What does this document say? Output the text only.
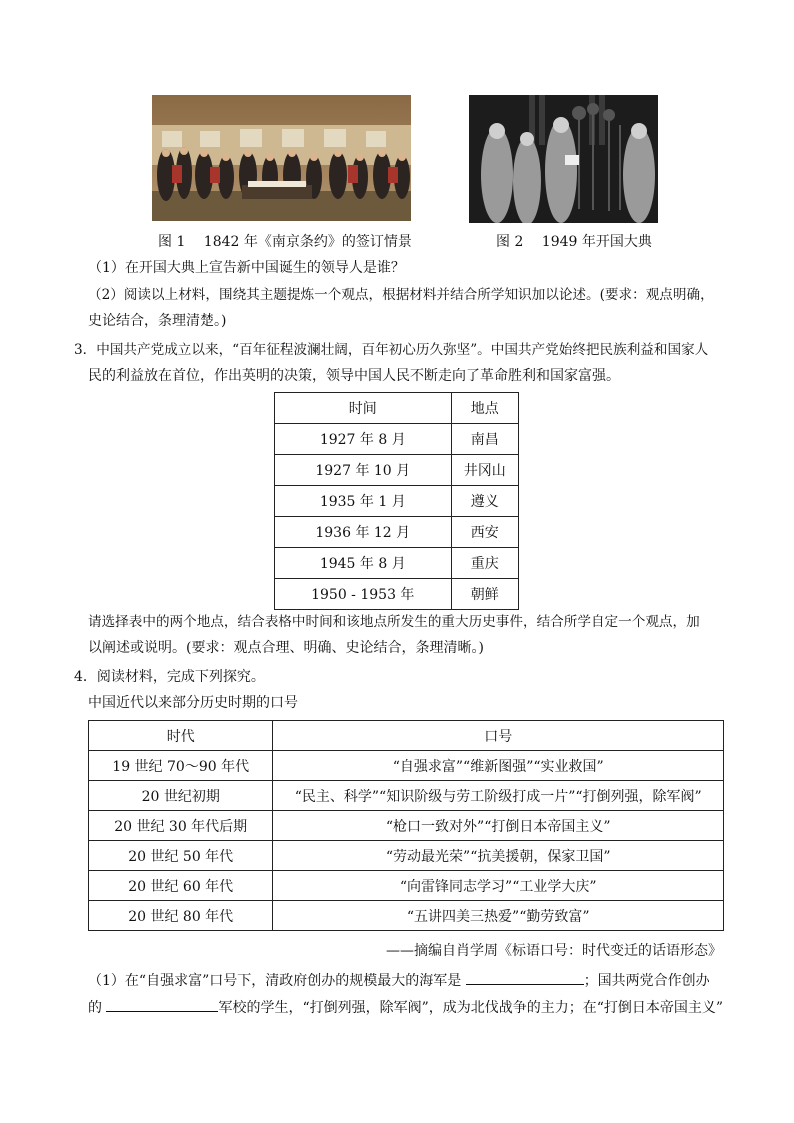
图 1　 1842 年《南京条约》的签订情景	图 2　 1949 年开国大典
（1）在开国大典上宣告新中国诞生的领导人是谁？
（2）阅读以上材料，围绕其主题提炼一个观点，根据材料并结合所学知识加以论述。(要求：观点明确，
史论结合，条理清楚。)
3．中国共产党成立以来，“百年征程波澜壮阔，百年初心历久弥坚”。中国共产党始终把民族利益和国家人
民的利益放在首位，作出英明的决策，领导中国人民不断走向了革命胜利和国家富强。
时间	地点
1927 年 8 月	南昌
1927 年 10 月	井冈山
1935 年 1 月	遵义
1936 年 12 月	西安
1945 年 8 月	重庆
1950 - 1953 年	朝鲜
请选择表中的两个地点，结合表格中时间和该地点所发生的重大历史事件，结合所学自定一个观点，加
以阐述或说明。(要求：观点合理、明确、史论结合，条理清晰。)
4．阅读材料，完成下列探究。
中国近代以来部分历史时期的口号
时代	口号
19 世纪 70～90 年代	“自强求富”“维新图强”“实业救国”
20 世纪初期	“民主、科学”“知识阶级与劳工阶级打成一片”“打倒列强，除军阀”
20 世纪 30 年代后期	“枪口一致对外”“打倒日本帝国主义”
20 世纪 50 年代	“劳动最光荣”“抗美援朝，保家卫国”
20 世纪 60 年代	“向雷锋同志学习”“工业学大庆”
20 世纪 80 年代	“五讲四美三热爱”“勤劳致富”
——摘编自肖学周《标语口号：时代变迁的话语形态》
（1）在“自强求富”口号下，清政府创办的规模最大的海军是	；国共两党合作创办
的	军校的学生，“打倒列强，除军阀”，成为北伐战争的主力；在“打倒日本帝国主义”
